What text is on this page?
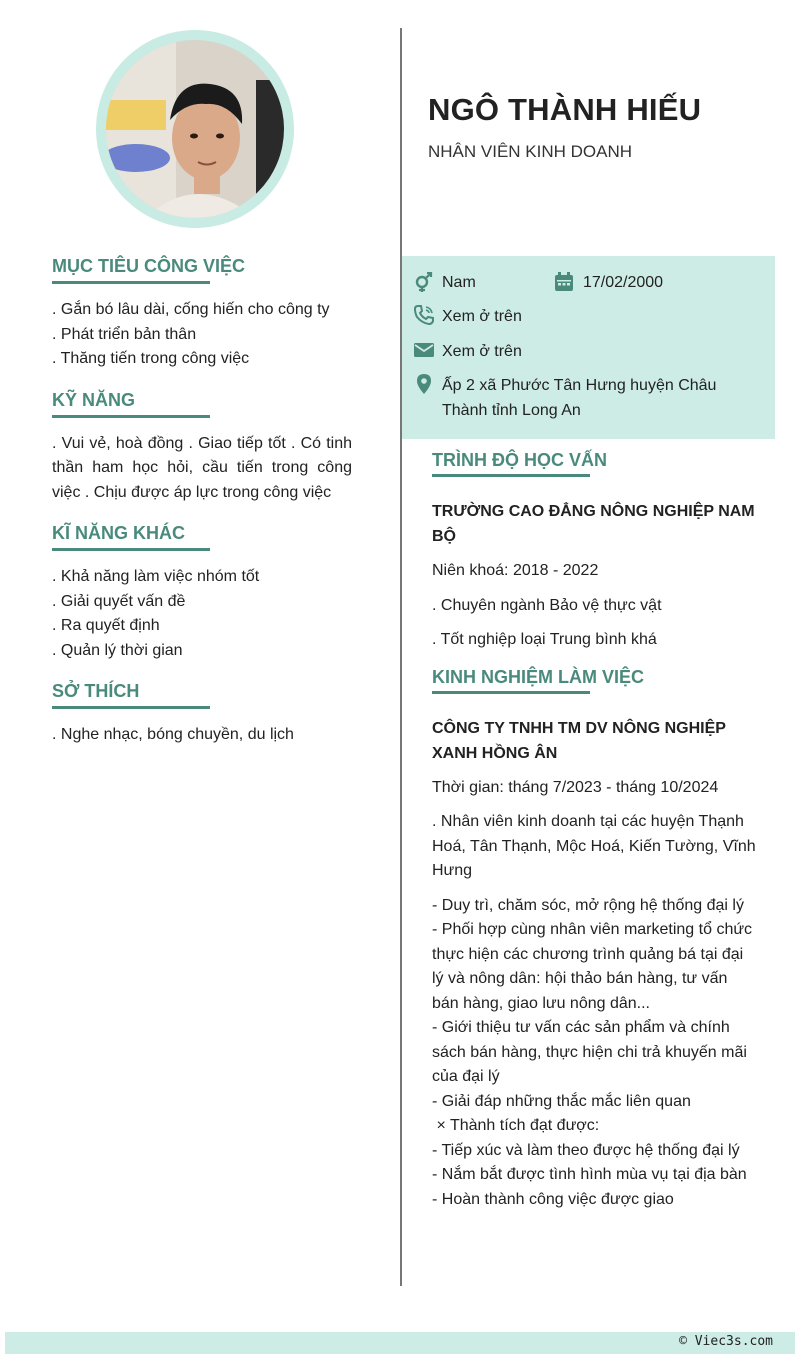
MỤC TIÊU CÔNG VIỆC
. Gắn bó lâu dài, cống hiến cho công ty
. Phát triển bản thân
. Thăng tiến trong công việc
KỸ NĂNG

. Vui vẻ, hoà đồng . Giao tiếp tốt . Có tinh thần ham học hỏi, cầu tiến trong công việc . Chịu được áp lực trong công việc

KĨ NĂNG KHÁC
. Khả năng làm việc nhóm tốt
. Giải quyết vấn đề
. Ra quyết định
. Quản lý thời gian
SỞ THÍCH

. Nghe nhạc, bóng chuyền, du lịch

NGÔ THÀNH HIẾU
NHÂN VIÊN KINH DOANH
Nam	17/02/2000
Xem ở trên
Xem ở trên
Ấp 2 xã Phước Tân Hưng huyện Châu Thành tỉnh Long An
TRÌNH ĐỘ HỌC VẤN
TRƯỜNG CAO ĐẲNG NÔNG NGHIỆP NAM BỘ
Niên khoá: 2018 - 2022
. Chuyên ngành Bảo vệ thực vật
. Tốt nghiệp loại Trung bình khá
KINH NGHIỆM LÀM VIỆC
CÔNG TY TNHH TM DV NÔNG NGHIỆP XANH HỒNG ÂN
Thời gian: tháng 7/2023 - tháng 10/2024
. Nhân viên kinh doanh tại các huyện Thạnh Hoá, Tân Thạnh, Mộc Hoá, Kiến Tường, Vĩnh Hưng
- Duy trì, chăm sóc, mở rộng hệ thống đại lý
- Phối hợp cùng nhân viên marketing tổ chức thực hiện các chương trình quảng bá tại đại lý và nông dân: hội thảo bán hàng, tư vấn bán hàng, giao lưu nông dân...
- Giới thiệu tư vấn các sản phẩm và chính sách bán hàng, thực hiện chi trả khuyến mãi của đại lý
- Giải đáp những thắc mắc liên quan
× Thành tích đạt được:
- Tiếp xúc và làm theo được hệ thống đại lý
- Nắm bắt được tình hình mùa vụ tại địa bàn
- Hoàn thành công việc được giao
© Viec3s.com
